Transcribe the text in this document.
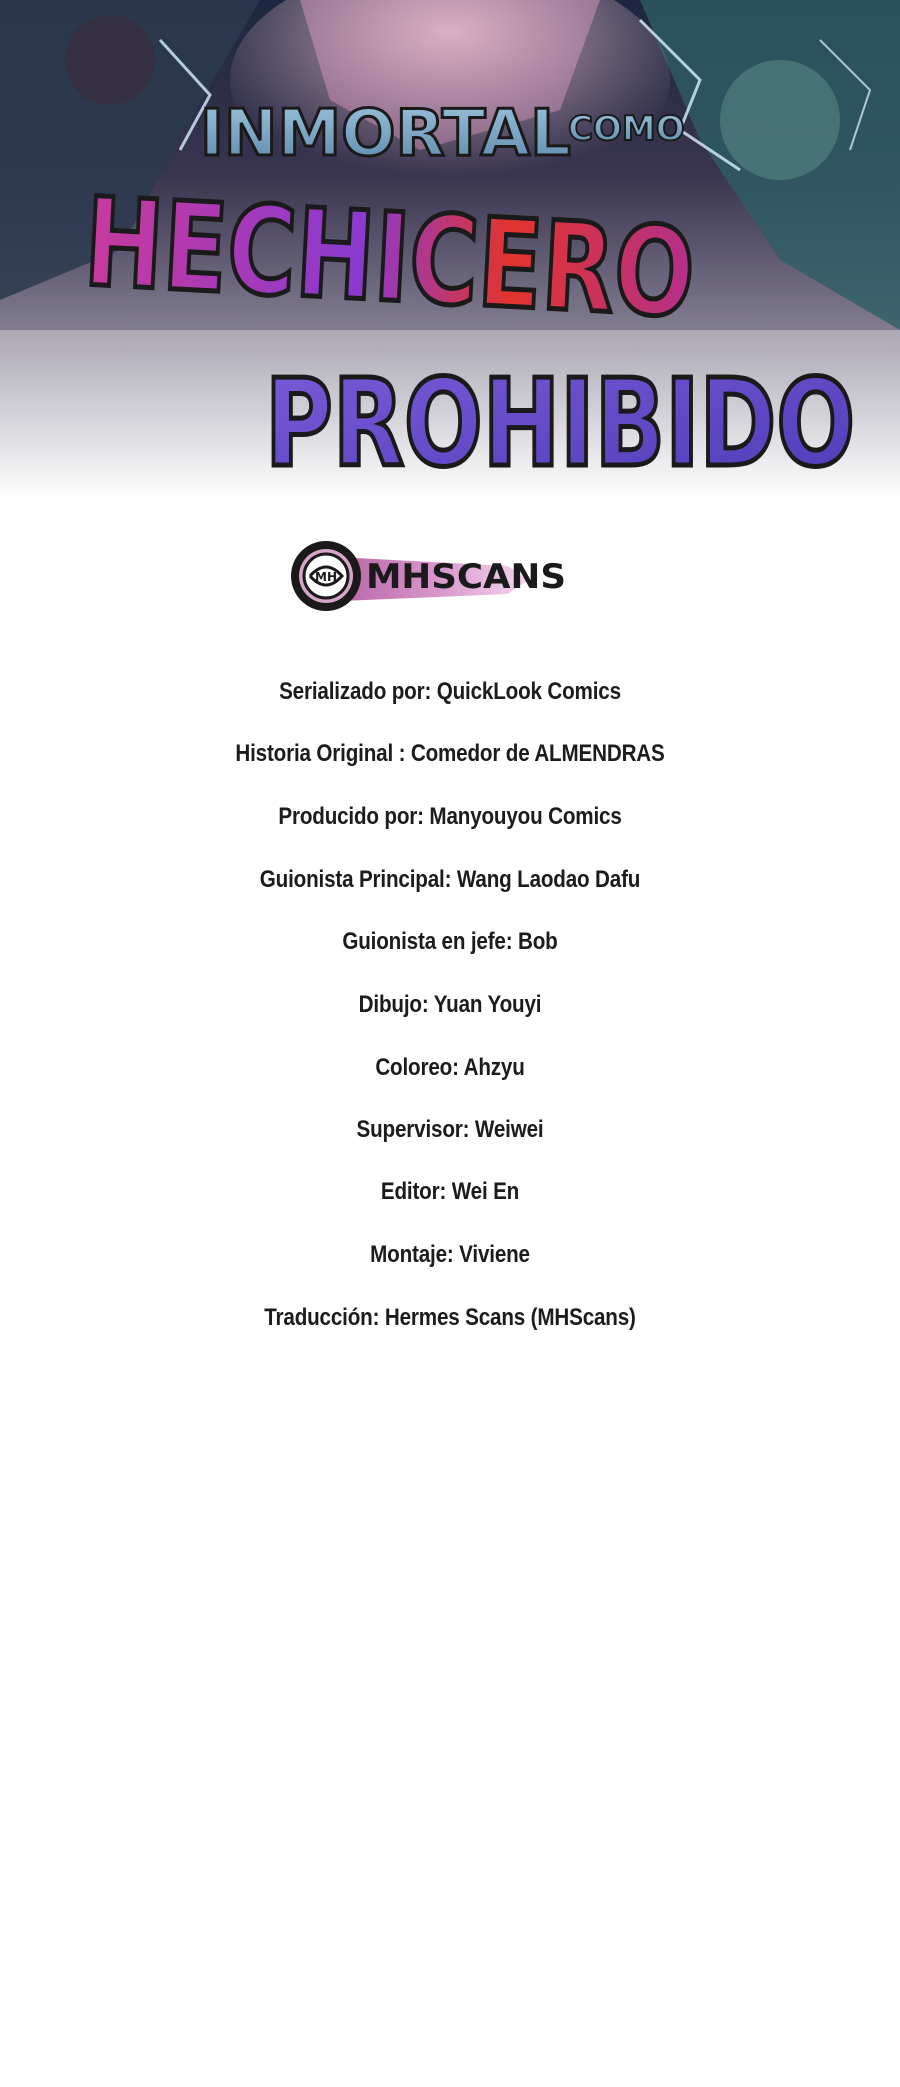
INMORTAL
COMO
HECHICERO
PROHIBIDO
MH MHSCANS
Serializado por: QuickLook Comics
Historia Original : Comedor de ALMENDRAS
Producido por: Manyouyou Comics
Guionista Principal: Wang Laodao Dafu
Guionista en jefe: Bob
Dibujo: Yuan Youyi
Coloreo: Ahzyu
Supervisor: Weiwei
Editor: Wei En
Montaje: Viviene
Traducción: Hermes Scans (MHScans)
